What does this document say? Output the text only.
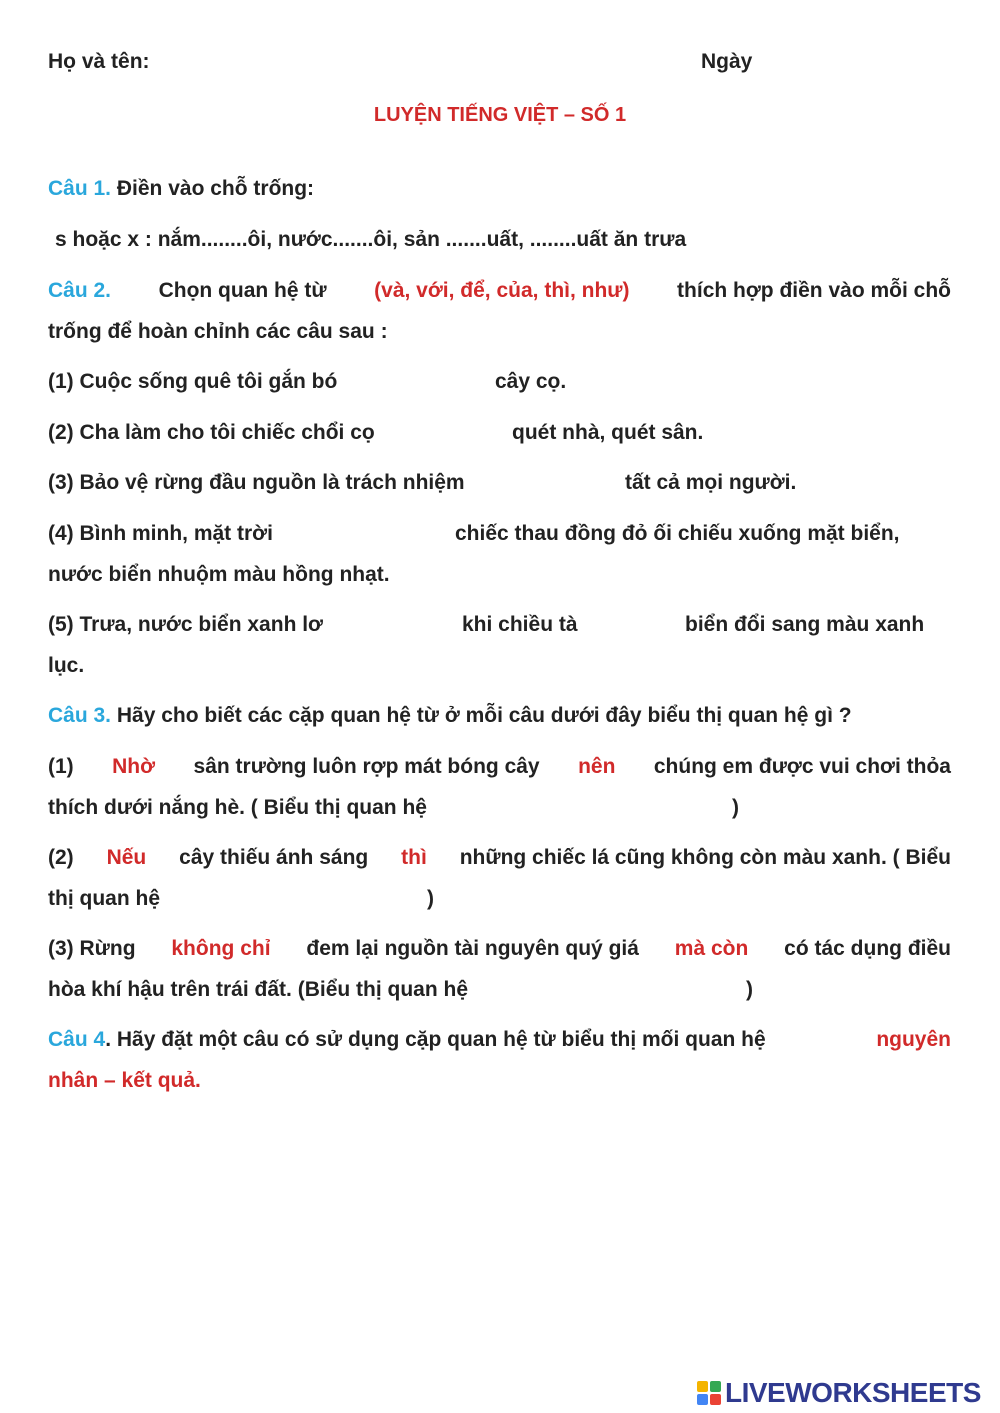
Họ và tên:	Ngày
LUYỆN TIẾNG VIỆT – SỐ 1
Câu 1. Điền vào chỗ trống:
s hoặc x : nắm........ôi, nước.......ôi, sản .......uất, ........uất ăn trưa
Câu 2. Chọn quan hệ từ (và, với, để, của, thì, như) thích hợp điền vào mỗi chỗ
trống để hoàn chỉnh các câu sau :
(1) Cuộc sống quê tôi gắn bó	cây cọ.
(2) Cha làm cho tôi chiếc chổi cọ	quét nhà, quét sân.
(3) Bảo vệ rừng đầu nguồn là trách nhiệm	tất cả mọi người.
(4) Bình minh, mặt trời	chiếc thau đồng đỏ ối chiếu xuống mặt biển,
nước biển nhuộm màu hồng nhạt.
(5) Trưa, nước biển xanh lơ	khi chiều tà	biển đổi sang màu xanh
lục.
Câu 3. Hãy cho biết các cặp quan hệ từ ở mỗi câu dưới đây biểu thị quan hệ gì ?
(1) Nhờ sân trường luôn rợp mát bóng cây nên chúng em được vui chơi thỏa
thích dưới nắng hè. ( Biểu thị quan hệ	)
(2) Nếu cây thiếu ánh sáng thì những chiếc lá cũng không còn màu xanh. ( Biểu
thị quan hệ	)
(3) Rừng không chỉ đem lại nguồn tài nguyên quý giá mà còn có tác dụng điều
hòa khí hậu trên trái đất. (Biểu thị quan hệ	)
Câu 4. Hãy đặt một câu có sử dụng cặp quan hệ từ biểu thị mối quan hệ	nguyên
nhân – kết quả.
LIVEWORKSHEETS
